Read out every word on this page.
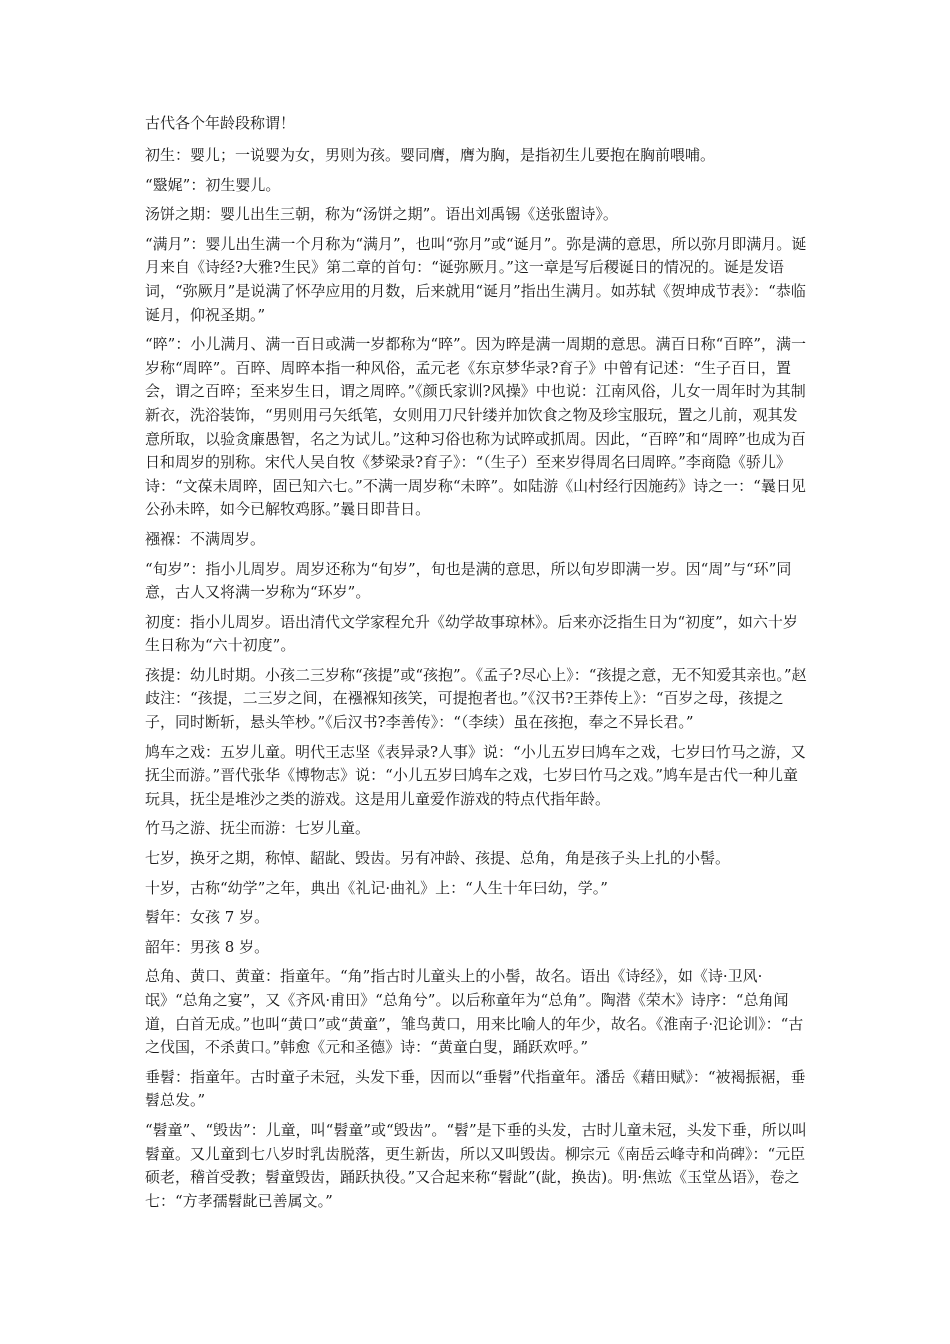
古代各个年龄段称谓！

初生：婴儿；一说婴为女，男则为孩。婴同膺，膺为胸，是指初生儿要抱在胸前喂哺。

“毉娓”：初生婴儿。

汤饼之期：婴儿出生三朝，称为“汤饼之期”。语出刘禹锡《送张盥诗》。

“满月”：婴儿出生满一个月称为“满月”，也叫“弥月”或“诞月”。弥是满的意思，所以弥月即满月。诞月来自《诗经?大雅?生民》第二章的首句：“诞弥厥月。”这一章是写后稷诞日的情况的。诞是发语词，“弥厥月”是说满了怀孕应用的月数，后来就用“诞月”指出生满月。如苏轼《贺坤成节表》：“恭临诞月，仰祝圣期。”

“晬”：小儿满月、满一百日或满一岁都称为“晬”。因为晬是满一周期的意思。满百日称“百晬”，满一岁称“周晬”。百晬、周晬本指一种风俗，孟元老《东京梦华录?育子》中曾有记述：“生子百日，置会，谓之百晬；至来岁生日，谓之周晬。”《颜氏家训?风操》中也说：江南风俗，儿女一周年时为其制新衣，洗浴装饰，“男则用弓矢纸笔，女则用刀尺针缕并加饮食之物及珍宝服玩，置之儿前，观其发意所取，以验贪廉愚智，名之为试儿。”这种习俗也称为试晬或抓周。因此，“百晬”和“周晬”也成为百日和周岁的别称。宋代人吴自牧《梦梁录?育子》：“（生子）至来岁得周名曰周晬。”李商隐《骄儿》诗：“文葆未周晬，固已知六七。”不满一周岁称“未晬”。如陆游《山村经行因施药》诗之一：“曩日见公孙未晬，如今已解牧鸡豚。”曩日即昔日。

襁褓：不满周岁。

“旬岁”：指小儿周岁。周岁还称为“旬岁”，旬也是满的意思，所以旬岁即满一岁。因“周”与“环”同意，古人又将满一岁称为“环岁”。

初度：指小儿周岁。语出清代文学家程允升《幼学故事琼林》。后来亦泛指生日为“初度”，如六十岁生日称为“六十初度”。

孩提：幼儿时期。小孩二三岁称“孩提”或“孩抱”。《孟子?尽心上》：“孩提之意，无不知爱其亲也。”赵歧注：“孩提，二三岁之间，在襁褓知孩笑，可提抱者也。”《汉书?王莽传上》：“百岁之母，孩提之子，同时断斩，悬头竿杪。”《后汉书?李善传》：“（李续）虽在孩抱，奉之不异长君。”

鸠车之戏：五岁儿童。明代王志坚《表异录?人事》说：“小儿五岁曰鸠车之戏，七岁曰竹马之游，又抚尘而游。”晋代张华《博物志》说：“小儿五岁曰鸠车之戏，七岁曰竹马之戏。”鸠车是古代一种儿童玩具，抚尘是堆沙之类的游戏。这是用儿童爱作游戏的特点代指年龄。

竹马之游、抚尘而游：七岁儿童。

七岁，换牙之期，称悼、龆龀、毁齿。另有冲龄、孩提、总角，角是孩子头上扎的小髻。

十岁，古称“幼学”之年，典出《礼记·曲礼》上：“人生十年曰幼，学。”

髫年：女孩 7 岁。

韶年：男孩 8 岁。

总角、黄口、黄童：指童年。“角”指古时儿童头上的小髻，故名。语出《诗经》，如《诗·卫风·氓》“总角之宴”，又《齐风·甫田》“总角兮”。以后称童年为“总角”。陶潜《荣木》诗序：“总角闻道，白首无成。”也叫“黄口”或“黄童”，雏鸟黄口，用来比喻人的年少，故名。《淮南子·氾论训》：“古之伐国，不杀黄口。”韩愈《元和圣德》诗：“黄童白叟，踊跃欢呼。”

垂髫：指童年。古时童子未冠，头发下垂，因而以“垂髫”代指童年。潘岳《藉田赋》：“被褐振裾，垂髫总发。”

“髫童”、“毁齿”：儿童，叫“髫童”或“毁齿”。“髫”是下垂的头发，古时儿童未冠，头发下垂，所以叫髫童。又儿童到七八岁时乳齿脱落，更生新齿，所以又叫毁齿。柳宗元《南岳云峰寺和尚碑》：“元臣硕老，稽首受教；髫童毁齿，踊跃执役。”又合起来称“髫龀”(龀，换齿)。明·焦竑《玉堂丛语》，卷之七：“方孝孺髫龀已善属文。”
